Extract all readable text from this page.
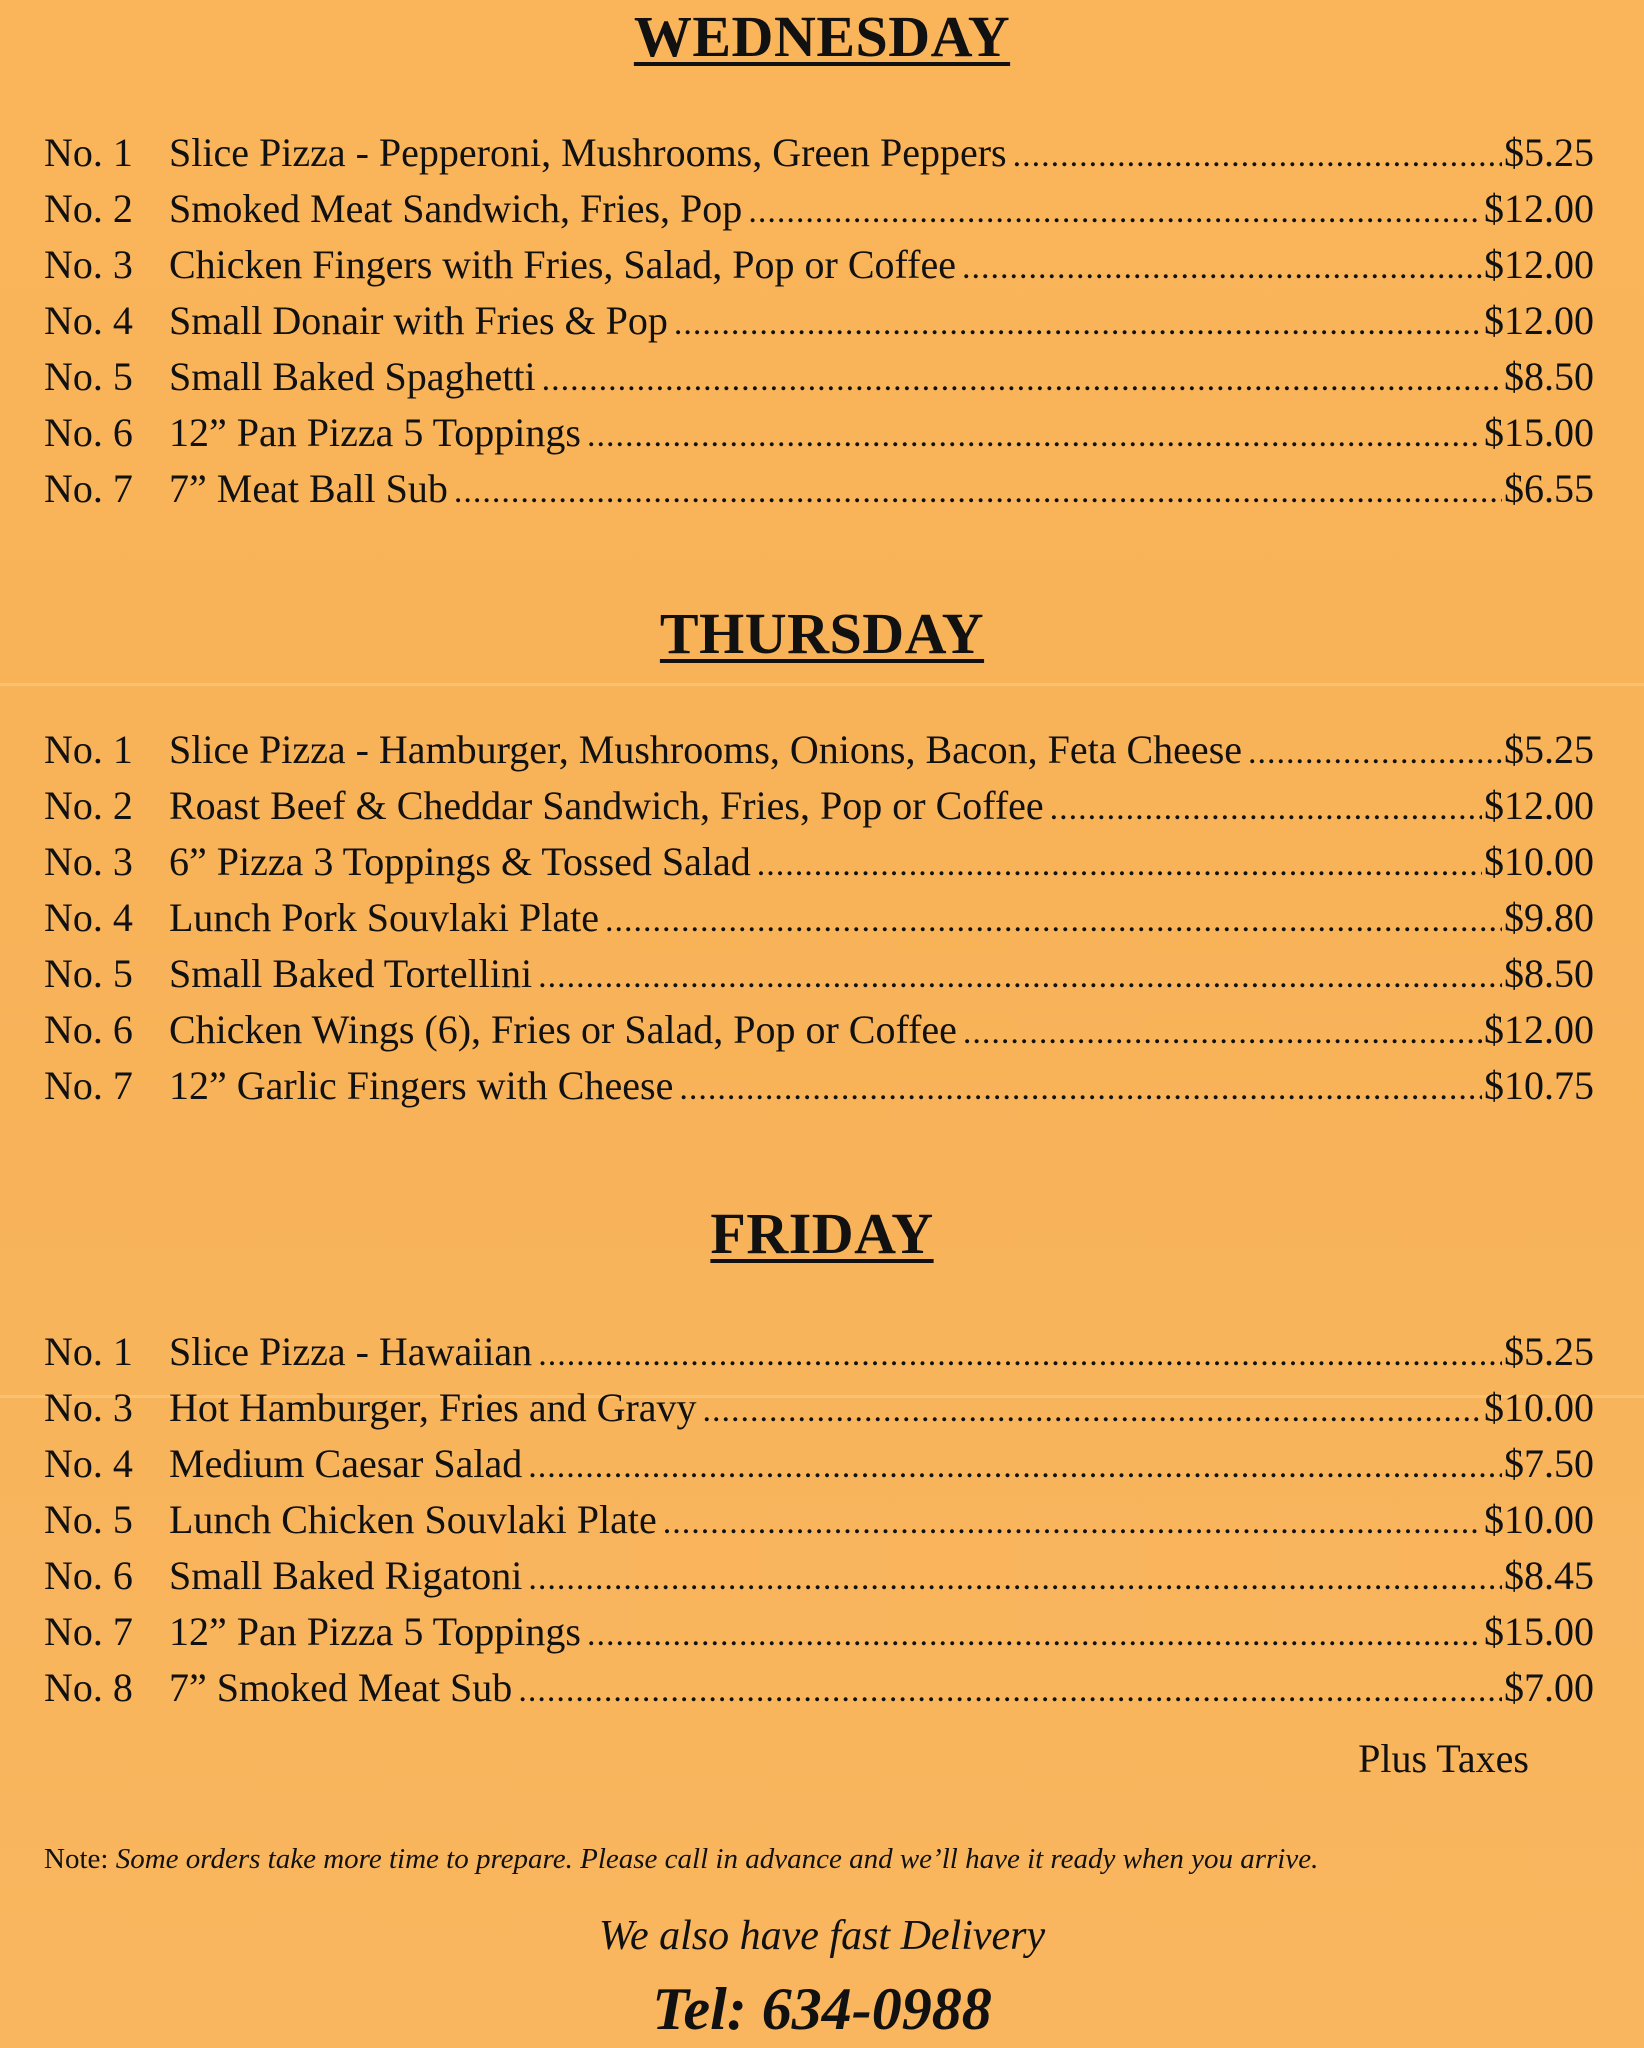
WEDNESDAY
No. 1 Slice Pizza - Pepperoni, Mushrooms, Green Peppers .....	$5.25
No. 2 Smoked Meat Sandwich, Fries, Pop .....	$12.00
No. 3 Chicken Fingers with Fries, Salad, Pop or Coffee .....	$12.00
No. 4 Small Donair with Fries & Pop .....	$12.00
No. 5 Small Baked Spaghetti .....	$8.50
No. 6 12” Pan Pizza 5 Toppings .....	$15.00
No. 7 7” Meat Ball Sub .....	$6.55
THURSDAY
No. 1 Slice Pizza - Hamburger, Mushrooms, Onions, Bacon, Feta Cheese .....	$5.25
No. 2 Roast Beef & Cheddar Sandwich, Fries, Pop or Coffee .....	$12.00
No. 3 6” Pizza 3 Toppings & Tossed Salad .....	$10.00
No. 4 Lunch Pork Souvlaki Plate .....	$9.80
No. 5 Small Baked Tortellini .....	$8.50
No. 6 Chicken Wings (6), Fries or Salad, Pop or Coffee .....	$12.00
No. 7 12” Garlic Fingers with Cheese .....	$10.75
FRIDAY
No. 1 Slice Pizza - Hawaiian .....	$5.25
No. 3 Hot Hamburger, Fries and Gravy .....	$10.00
No. 4 Medium Caesar Salad .....	$7.50
No. 5 Lunch Chicken Souvlaki Plate .....	$10.00
No. 6 Small Baked Rigatoni .....	$8.45
No. 7 12” Pan Pizza 5 Toppings .....	$15.00
No. 8 7” Smoked Meat Sub .....	$7.00

Plus Taxes

Note: Some orders take more time to prepare. Please call in advance and we’ll have it ready when you arrive.

We also have fast Delivery

Tel: 634-0988
